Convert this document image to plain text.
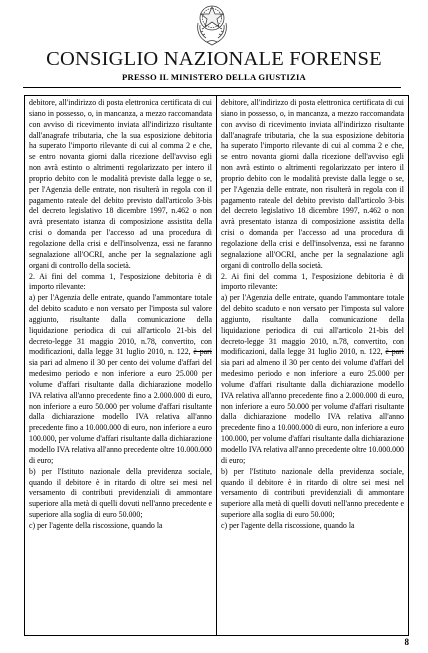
CONSIGLIO NAZIONALE FORENSE
PRESSO IL MINISTERO DELLA GIUSTIZIA

debitore, all'indirizzo di posta elettronica certificata di cui siano in possesso, o, in mancanza, a mezzo raccomandata con avviso di ricevimento inviata all'indirizzo risultante dall'anagrafe tributaria, che la sua esposizione debitoria ha superato l'importo rilevante di cui al comma 2 e che, se entro novanta giorni dalla ricezione dell'avviso egli non avrà estinto o altrimenti regolarizzato per intero il proprio debito con le modalità previste dalla legge o se, per l'Agenzia delle entrate, non risulterà in regola con il pagamento rateale del debito previsto dall'articolo 3-bis del decreto legislativo 18 dicembre 1997, n.462 o non avrà presentato istanza di composizione assistita della crisi o domanda per l'accesso ad una procedura di regolazione della crisi e dell'insolvenza, essi ne faranno segnalazione all'OCRI, anche per la segnalazione agli organi di controllo della società.

2. Ai fini del comma 1, l'esposizione debitoria è di importo rilevante:

a) per l'Agenzia delle entrate, quando l'ammontare totale del debito scaduto e non versato per l'imposta sul valore aggiunto, risultante dalla comunicazione della liquidazione periodica di cui all'articolo 21-bis del decreto-legge 31 maggio 2010, n.78, convertito, con modificazioni, dalla legge 31 luglio 2010, n. 122, è pari sia pari ad almeno il 30 per cento dei volume d'affari del medesimo periodo e non inferiore a euro 25.000 per volume d'affari risultante dalla dichiarazione modello IVA relativa all'anno precedente fino a 2.000.000 di euro, non inferiore a euro 50.000 per volume d'affari risultante dalla dichiarazione modello IVA relativa all'anno precedente fino a 10.000.000 di euro, non inferiore a euro 100.000, per volume d'affari risultante dalla dichiarazione modello IVA relativa all'anno precedente oltre 10.000.000 di euro;

b) per l'Istituto nazionale della previdenza sociale, quando il debitore è in ritardo di oltre sei mesi nel versamento di contributi previdenziali di ammontare superiore alla metà di quelli dovuti nell'anno precedente e superiore alla soglia di euro 50.000;

c) per l'agente della riscossione, quando la

debitore, all'indirizzo di posta elettronica certificata di cui siano in possesso, o, in mancanza, a mezzo raccomandata con avviso di ricevimento inviata all'indirizzo risultante dall'anagrafe tributaria, che la sua esposizione debitoria ha superato l'importo rilevante di cui al comma 2 e che, se entro novanta giorni dalla ricezione dell'avviso egli non avrà estinto o altrimenti regolarizzato per intero il proprio debito con le modalità previste dalla legge o se, per l'Agenzia delle entrate, non risulterà in regola con il pagamento rateale del debito previsto dall'articolo 3-bis del decreto legislativo 18 dicembre 1997, n.462 o non avrà presentato istanza di composizione assistita della crisi o domanda per l'accesso ad una procedura di regolazione della crisi e dell'insolvenza, essi ne faranno segnalazione all'OCRI, anche per la segnalazione agli organi di controllo della società.

2. Ai fini del comma 1, l'esposizione debitoria è di importo rilevante:

a) per l'Agenzia delle entrate, quando l'ammontare totale del debito scaduto e non versato per l'imposta sul valore aggiunto, risultante dalla comunicazione della liquidazione periodica di cui all'articolo 21-bis del decreto-legge 31 maggio 2010, n.78, convertito, con modificazioni, dalla legge 31 luglio 2010, n. 122, è pari sia pari ad almeno il 30 per cento dei volume d'affari del medesimo periodo e non inferiore a euro 25.000 per volume d'affari risultante dalla dichiarazione modello IVA relativa all'anno precedente fino a 2.000.000 di euro, non inferiore a euro 50.000 per volume d'affari risultante dalla dichiarazione modello IVA relativa all'anno precedente fino a 10.000.000 di euro, non inferiore a euro 100.000, per volume d'affari risultante dalla dichiarazione modello IVA relativa all'anno precedente oltre 10.000.000 di euro;

b) per l'Istituto nazionale della previdenza sociale, quando il debitore è in ritardo di oltre sei mesi nel versamento di contributi previdenziali di ammontare superiore alla metà di quelli dovuti nell'anno precedente e superiore alla soglia di euro 50.000;

c) per l'agente della riscossione, quando la

8
